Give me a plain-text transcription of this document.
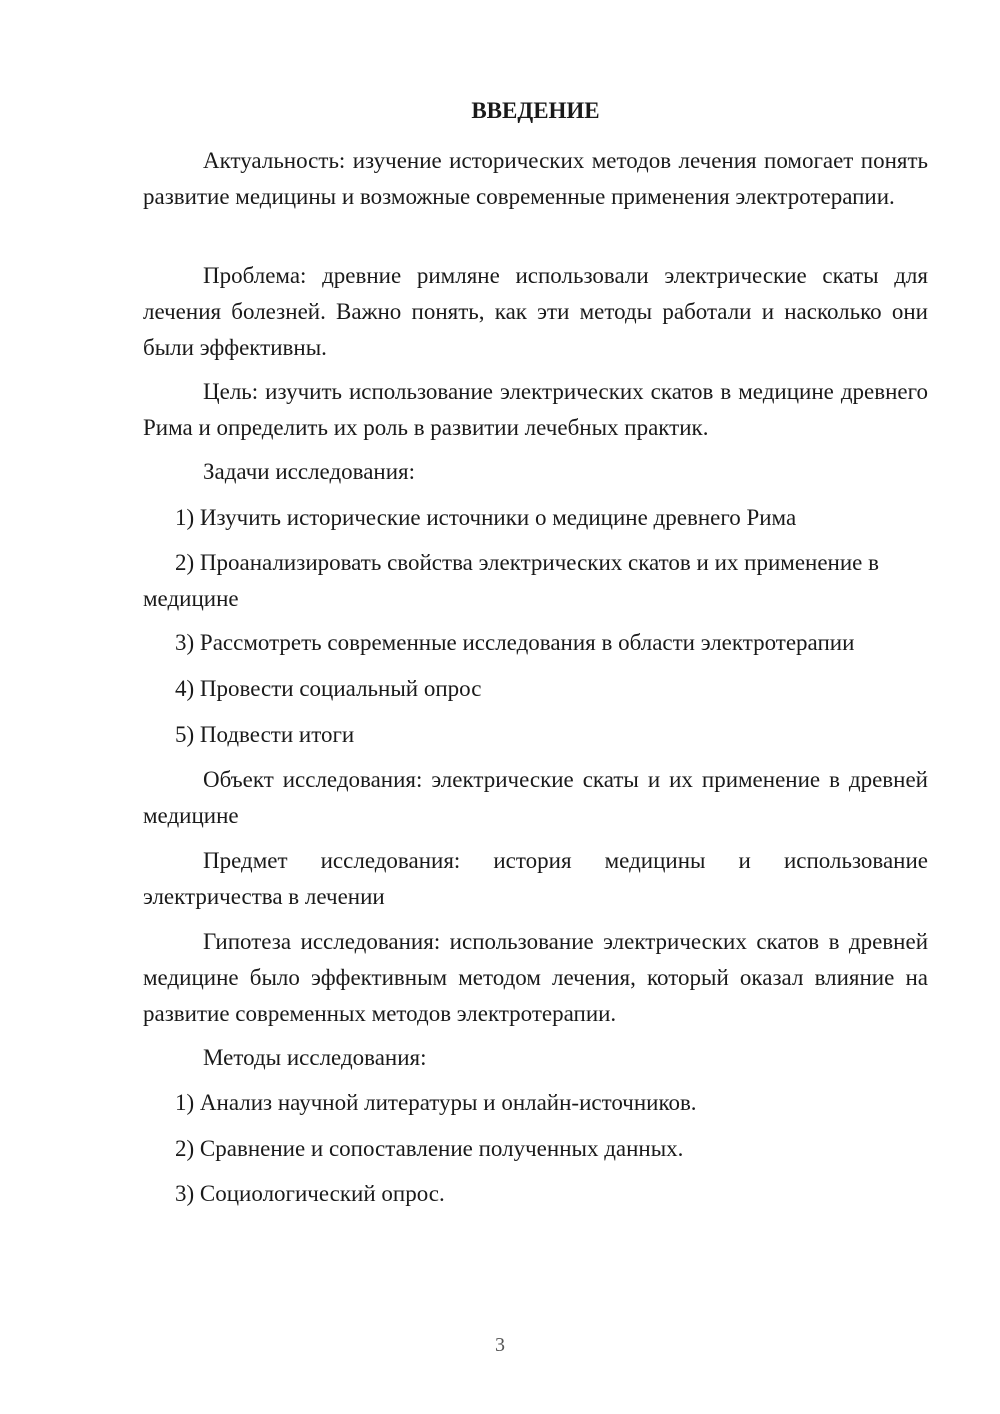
ВВЕДЕНИЕ

Актуальность: изучение исторических методов лечения помогает понять развитие медицины и возможные современные применения электротерапии.

Проблема: древние римляне использовали электрические скаты для лечения болезней. Важно понять, как эти методы работали и насколько они были эффективны.

Цель: изучить использование электрических скатов в медицине древнего Рима и определить их роль в развитии лечебных практик.

Задачи исследования:

1) Изучить исторические источники о медицине древнего Рима

2) Проанализировать свойства электрических скатов и их применение в медицине

3) Рассмотреть современные исследования в области электротерапии

4) Провести социальный опрос

5) Подвести итоги

Объект исследования: электрические скаты и их применение в древней медицине

Предмет исследования: история медицины и использование электричества в лечении

Гипотеза исследования: использование электрических скатов в древней медицине было эффективным методом лечения, который оказал влияние на развитие современных методов электротерапии.

Методы исследования:

1) Анализ научной литературы и онлайн-источников.

2) Сравнение и сопоставление полученных данных.

3) Социологический опрос.

3
